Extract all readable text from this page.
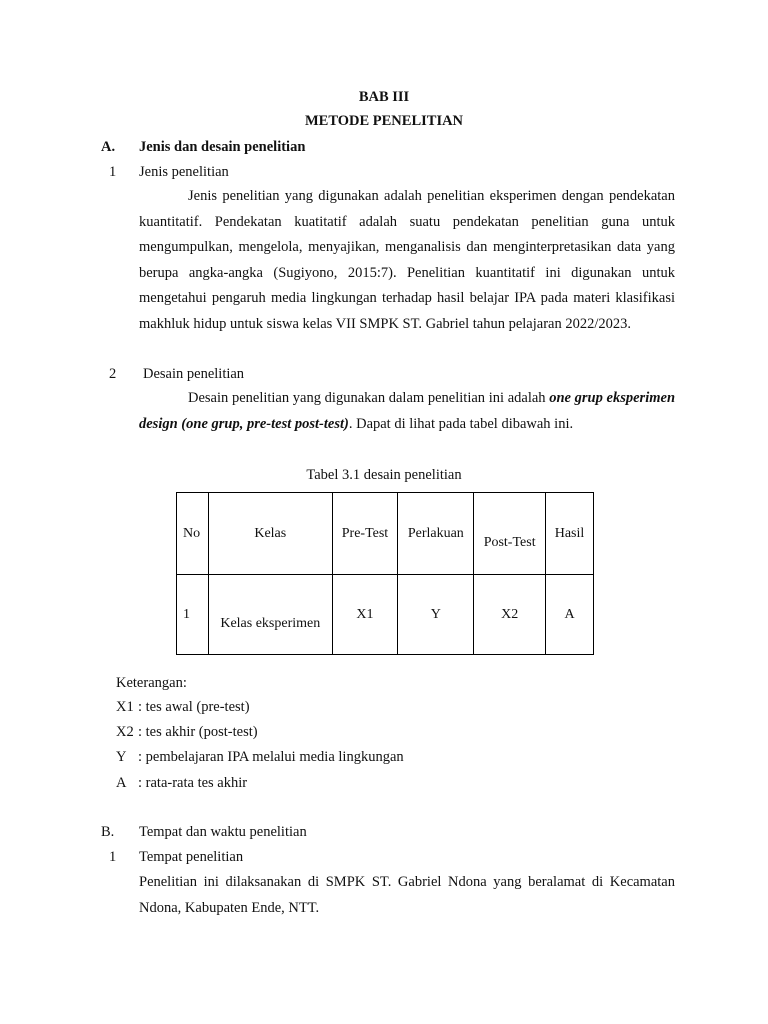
BAB III
METODE PENELITIAN
A. Jenis dan desain penelitian
1 Jenis penelitian
Jenis penelitian yang digunakan adalah penelitian eksperimen dengan pendekatan kuantitatif. Pendekatan kuatitatif adalah suatu pendekatan penelitian guna untuk mengumpulkan, mengelola, menyajikan, menganalisis dan menginterpretasikan data yang berupa angka-angka (Sugiyono, 2015:7). Penelitian kuantitatif ini digunakan untuk mengetahui pengaruh media lingkungan terhadap hasil belajar IPA pada materi klasifikasi makhluk hidup untuk siswa kelas VII SMPK ST. Gabriel tahun pelajaran 2022/2023.
2 Desain penelitian
Desain penelitian yang digunakan dalam penelitian ini adalah one grup eksperimen design (one grup, pre-test post-test). Dapat di lihat pada tabel dibawah ini.
Tabel 3.1 desain penelitian
No	Kelas	Pre-Test	Perlakuan	Post-Test	Hasil
1	Kelas eksperimen	X1	Y	X2	A
Keterangan:
X1 : tes awal (pre-test)
X2 : tes akhir (post-test)
Y : pembelajaran IPA melalui media lingkungan
A : rata-rata tes akhir
B. Tempat dan waktu penelitian
1 Tempat penelitian
Penelitian ini dilaksanakan di SMPK ST. Gabriel Ndona yang beralamat di Kecamatan Ndona, Kabupaten Ende, NTT.
